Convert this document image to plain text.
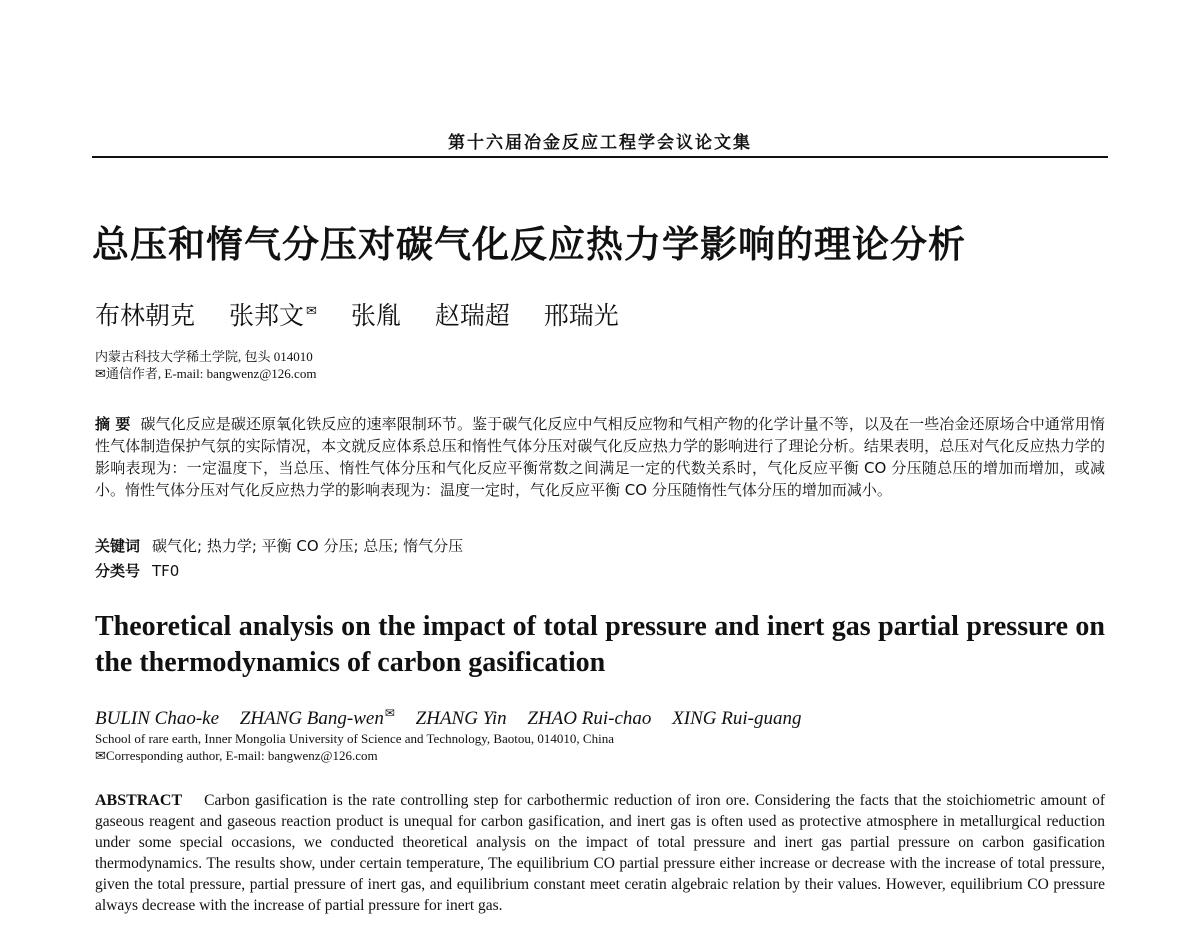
第十六届冶金反应工程学会议论文集
总压和惰气分压对碳气化反应热力学影响的理论分析
布林朝克 张邦文 ✉ 张胤 赵瑞超 邢瑞光
内蒙古科技大学稀土学院, 包头 014010
✉通信作者, E-mail: bangwenz@126.com
摘 要 碳气化反应是碳还原氧化铁反应的速率限制环节。鉴于碳气化反应中气相反应物和气相产物的化学计量不等，以及在一些冶金还原场合中通常用惰性气体制造保护气氛的实际情况，本文就反应体系总压和惰性气体分压对碳气化反应热力学的影响进行了理论分析。结果表明，总压对气化反应热力学的影响表现为：一定温度下，当总压、惰性气体分压和气化反应平衡常数之间满足一定的代数关系时，气化反应平衡 CO 分压随总压的增加而增加，或减小。惰性气体分压对气化反应热力学的影响表现为：温度一定时，气化反应平衡 CO 分压随惰性气体分压的增加而减小。
关键词 碳气化; 热力学; 平衡 CO 分压; 总压; 惰气分压
分类号 TF0
Theoretical analysis on the impact of total pressure and inert gas partial pressure on the thermodynamics of carbon gasification
BULIN Chao-ke ZHANG Bang-wen✉ ZHANG Yin ZHAO Rui-chao XING Rui-guang
School of rare earth, Inner Mongolia University of Science and Technology, Baotou, 014010, China
✉Corresponding author, E-mail: bangwenz@126.com
ABSTRACT Carbon gasification is the rate controlling step for carbothermic reduction of iron ore. Considering the facts that the stoichiometric amount of gaseous reagent and gaseous reaction product is unequal for carbon gasification, and inert gas is often used as protective atmosphere in metallurgical reduction under some special occasions, we conducted theoretical analysis on the impact of total pressure and inert gas partial pressure on carbon gasification thermodynamics. The results show, under certain temperature, The equilibrium CO partial pressure either increase or decrease with the increase of total pressure, given the total pressure, partial pressure of inert gas, and equilibrium constant meet ceratin algebraic relation by their values. However, equilibrium CO pressure always decrease with the increase of partial pressure for inert gas.
